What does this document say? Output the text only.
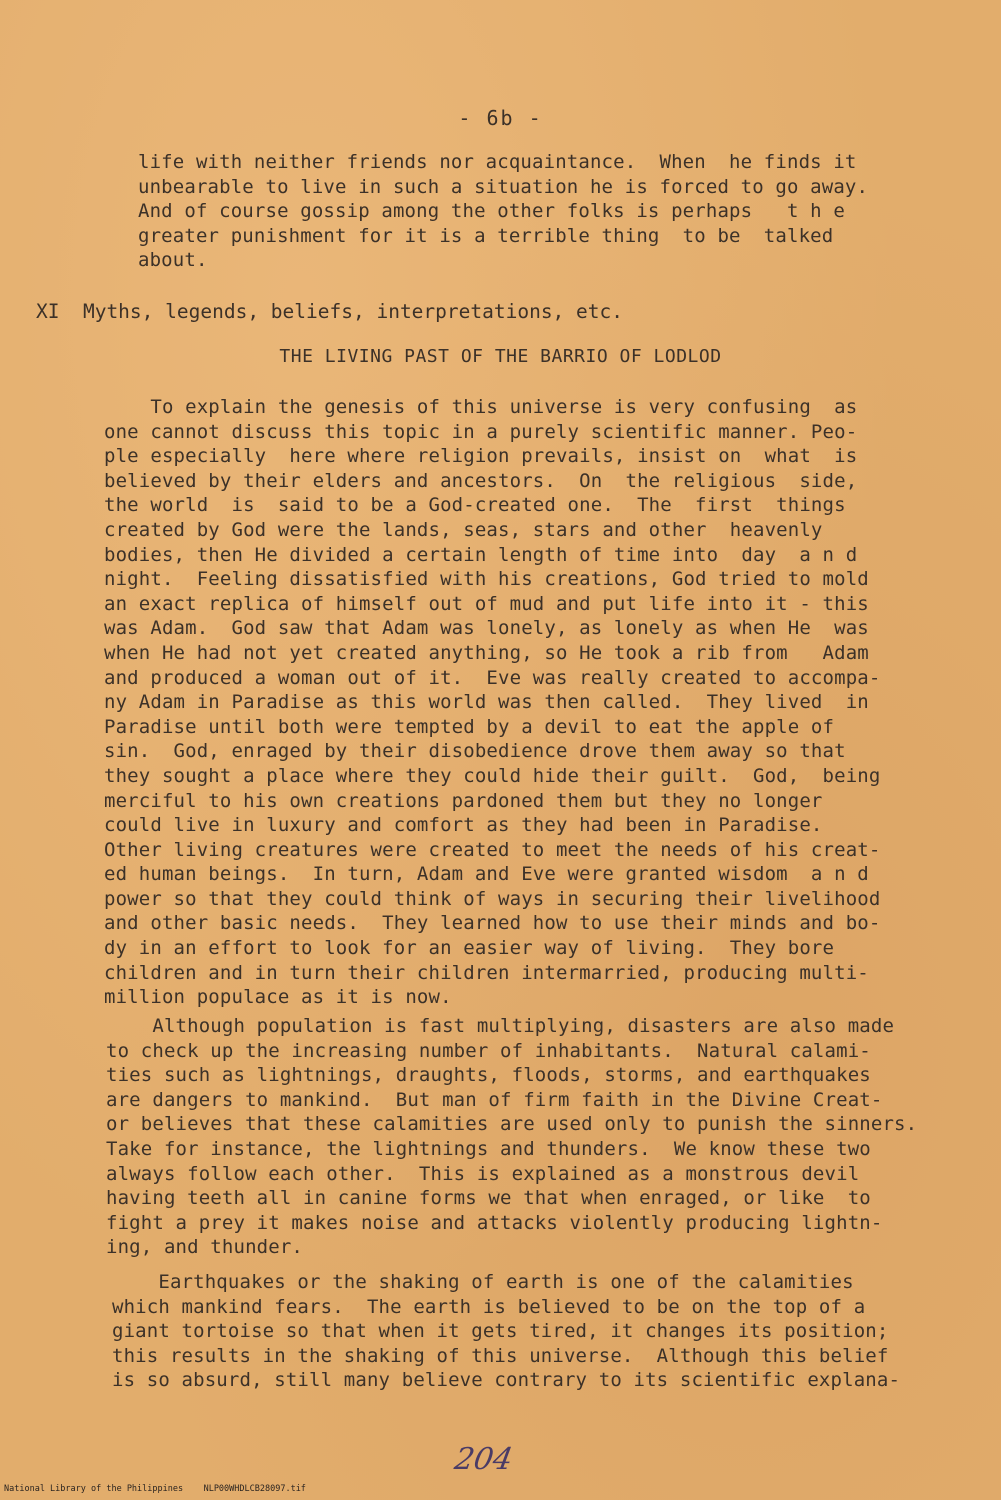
- 6b -
life with neither friends nor acquaintance.  When  he finds it
unbearable to live in such a situation he is forced to go away.
And of course gossip among the other folks is perhaps   t h e
greater punishment for it is a terrible thing  to be  talked
about.
XI  Myths, legends, beliefs, interpretations, etc.
THE LIVING PAST OF THE BARRIO OF LODLOD
To explain the genesis of this universe is very confusing  as
one cannot discuss this topic in a purely scientific manner. Peo-
ple especially  here where religion prevails, insist on  what  is
believed by their elders and ancestors.  On  the religious  side,
the world  is  said to be a God-created one.  The  first  things
created by God were the lands, seas, stars and other  heavenly
bodies, then He divided a certain length of time into  day  a n d
night.  Feeling dissatisfied with his creations, God tried to mold
an exact replica of himself out of mud and put life into it - this
was Adam.  God saw that Adam was lonely, as lonely as when He  was
when He had not yet created anything, so He took a rib from   Adam
and produced a woman out of it.  Eve was really created to accompa-
ny Adam in Paradise as this world was then called.  They lived  in
Paradise until both were tempted by a devil to eat the apple of
sin.  God, enraged by their disobedience drove them away so that
they sought a place where they could hide their guilt.  God,  being
merciful to his own creations pardoned them but they no longer
could live in luxury and comfort as they had been in Paradise.
Other living creatures were created to meet the needs of his creat-
ed human beings.  In turn, Adam and Eve were granted wisdom  a n d
power so that they could think of ways in securing their livelihood
and other basic needs.  They learned how to use their minds and bo-
dy in an effort to look for an easier way of living.  They bore
children and in turn their children intermarried, producing multi-
million populace as it is now.
Although population is fast multiplying, disasters are also made
to check up the increasing number of inhabitants.  Natural calami-
ties such as lightnings, draughts, floods, storms, and earthquakes
are dangers to mankind.  But man of firm faith in the Divine Creat-
or believes that these calamities are used only to punish the sinners.
Take for instance, the lightnings and thunders.  We know these two
always follow each other.  This is explained as a monstrous devil
having teeth all in canine forms we that when enraged, or like  to
fight a prey it makes noise and attacks violently producing lightn-
ing, and thunder.
Earthquakes or the shaking of earth is one of the calamities
which mankind fears.  The earth is believed to be on the top of a
giant tortoise so that when it gets tired, it changes its position;
this results in the shaking of this universe.  Although this belief
is so absurd, still many believe contrary to its scientific explana-
204
National Library of the Philippines    NLP00WHDLCB28097.tif
